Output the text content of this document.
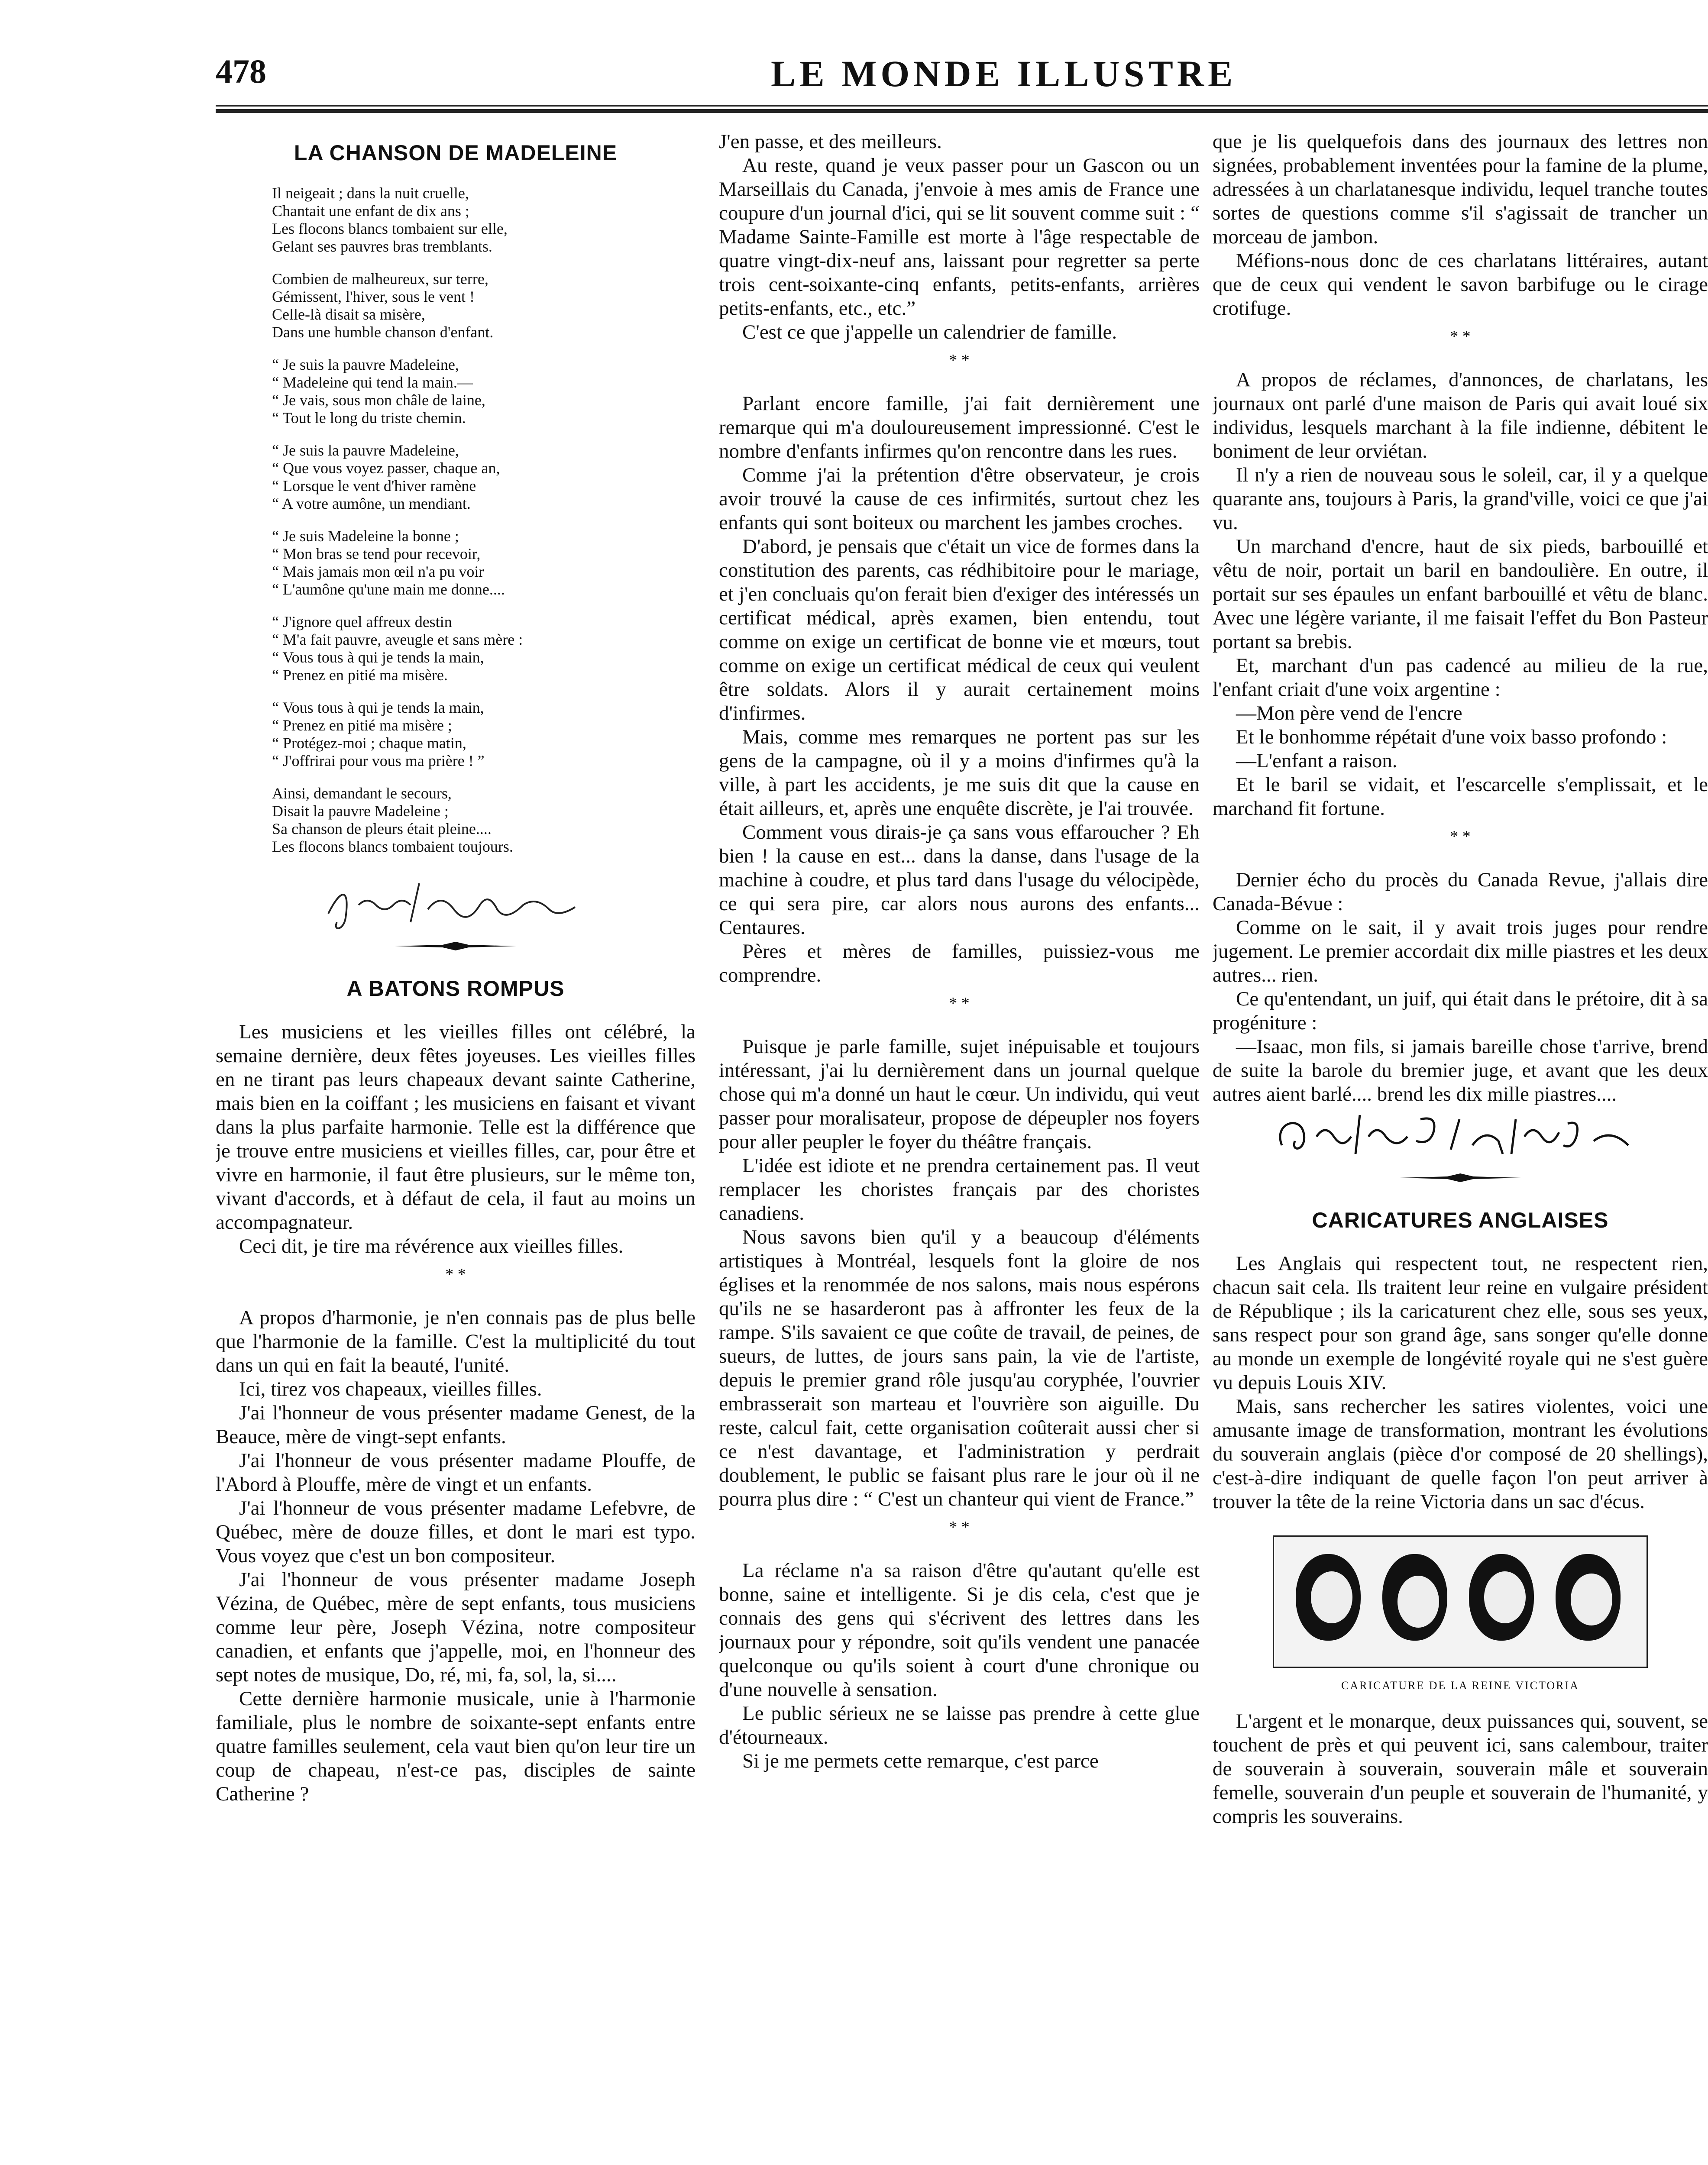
478	LE MONDE ILLUSTRE
LA CHANSON DE MADELEINE
Il neigeait ; dans la nuit cruelle,
Chantait une enfant de dix ans ;
Les flocons blancs tombaient sur elle,
Gelant ses pauvres bras tremblants.
Combien de malheureux, sur terre,
Gémissent, l'hiver, sous le vent !
Celle-là disait sa misère,
Dans une humble chanson d'enfant.
“ Je suis la pauvre Madeleine,
“ Madeleine qui tend la main.—
“ Je vais, sous mon châle de laine,
“ Tout le long du triste chemin.
“ Je suis la pauvre Madeleine,
“ Que vous voyez passer, chaque an,
“ Lorsque le vent d'hiver ramène
“ A votre aumône, un mendiant.
“ Je suis Madeleine la bonne ;
“ Mon bras se tend pour recevoir,
“ Mais jamais mon œil n'a pu voir
“ L'aumône qu'une main me donne....
“ J'ignore quel affreux destin
“ M'a fait pauvre, aveugle et sans mère :
“ Vous tous à qui je tends la main,
“ Prenez en pitié ma misère.
“ Vous tous à qui je tends la main,
“ Prenez en pitié ma misère ;
“ Protégez-moi ; chaque matin,
“ J'offrirai pour vous ma prière ! ”
Ainsi, demandant le secours,
Disait la pauvre Madeleine ;
Sa chanson de pleurs était pleine....
Les flocons blancs tombaient toujours.
A BATONS ROMPUS

Les musiciens et les vieilles filles ont célébré, la semaine dernière, deux fêtes joyeuses. Les vieilles filles en ne tirant pas leurs chapeaux devant sainte Catherine, mais bien en la coiffant ; les musiciens en faisant et vivant dans la plus parfaite harmonie. Telle est la différence que je trouve entre musiciens et vieilles filles, car, pour être et vivre en harmonie, il faut être plusieurs, sur le même ton, vivant d'accords, et à défaut de cela, il faut au moins un accompagnateur.

Ceci dit, je tire ma révérence aux vieilles filles.

* *

A propos d'harmonie, je n'en connais pas de plus belle que l'harmonie de la famille. C'est la multiplicité du tout dans un qui en fait la beauté, l'unité.

Ici, tirez vos chapeaux, vieilles filles.

J'ai l'honneur de vous présenter madame Genest, de la Beauce, mère de vingt-sept enfants.

J'ai l'honneur de vous présenter madame Plouffe, de l'Abord à Plouffe, mère de vingt et un enfants.

J'ai l'honneur de vous présenter madame Lefebvre, de Québec, mère de douze filles, et dont le mari est typo. Vous voyez que c'est un bon compositeur.

J'ai l'honneur de vous présenter madame Joseph Vézina, de Québec, mère de sept enfants, tous musiciens comme leur père, Joseph Vézina, notre compositeur canadien, et enfants que j'appelle, moi, en l'honneur des sept notes de musique, Do, ré, mi, fa, sol, la, si....

Cette dernière harmonie musicale, unie à l'harmonie familiale, plus le nombre de soixante-sept enfants entre quatre familles seulement, cela vaut bien qu'on leur tire un coup de chapeau, n'est-ce pas, disciples de sainte Catherine ?

J'en passe, et des meilleurs.

Au reste, quand je veux passer pour un Gascon ou un Marseillais du Canada, j'envoie à mes amis de France une coupure d'un journal d'ici, qui se lit souvent comme suit : “ Madame Sainte-Famille est morte à l'âge respectable de quatre vingt-dix-neuf ans, laissant pour regretter sa perte trois cent-soixante-cinq enfants, petits-enfants, arrières petits-enfants, etc., etc.”

C'est ce que j'appelle un calendrier de famille.

* *

Parlant encore famille, j'ai fait dernièrement une remarque qui m'a douloureusement impressionné. C'est le nombre d'enfants infirmes qu'on rencontre dans les rues.

Comme j'ai la prétention d'être observateur, je crois avoir trouvé la cause de ces infirmités, surtout chez les enfants qui sont boiteux ou marchent les jambes croches.

D'abord, je pensais que c'était un vice de formes dans la constitution des parents, cas rédhibitoire pour le mariage, et j'en concluais qu'on ferait bien d'exiger des intéressés un certificat médical, après examen, bien entendu, tout comme on exige un certificat de bonne vie et mœurs, tout comme on exige un certificat médical de ceux qui veulent être soldats. Alors il y aurait certainement moins d'infirmes.

Mais, comme mes remarques ne portent pas sur les gens de la campagne, où il y a moins d'infirmes qu'à la ville, à part les accidents, je me suis dit que la cause en était ailleurs, et, après une enquête discrète, je l'ai trouvée.

Comment vous dirais-je ça sans vous effaroucher ? Eh bien ! la cause en est... dans la danse, dans l'usage de la machine à coudre, et plus tard dans l'usage du vélocipède, ce qui sera pire, car alors nous aurons des enfants... Centaures.

Pères et mères de familles, puissiez-vous me comprendre.

* *

Puisque je parle famille, sujet inépuisable et toujours intéressant, j'ai lu dernièrement dans un journal quelque chose qui m'a donné un haut le cœur. Un individu, qui veut passer pour moralisateur, propose de dépeupler nos foyers pour aller peupler le foyer du théâtre français.

L'idée est idiote et ne prendra certainement pas. Il veut remplacer les choristes français par des choristes canadiens.

Nous savons bien qu'il y a beaucoup d'éléments artistiques à Montréal, lesquels font la gloire de nos églises et la renommée de nos salons, mais nous espérons qu'ils ne se hasarderont pas à affronter les feux de la rampe. S'ils savaient ce que coûte de travail, de peines, de sueurs, de luttes, de jours sans pain, la vie de l'artiste, depuis le premier grand rôle jusqu'au coryphée, l'ouvrier embrasserait son marteau et l'ouvrière son aiguille. Du reste, calcul fait, cette organisation coûterait aussi cher si ce n'est davantage, et l'administration y perdrait doublement, le public se faisant plus rare le jour où il ne pourra plus dire : “ C'est un chanteur qui vient de France.”

* *

La réclame n'a sa raison d'être qu'autant qu'elle est bonne, saine et intelligente. Si je dis cela, c'est que je connais des gens qui s'écrivent des lettres dans les journaux pour y répondre, soit qu'ils vendent une panacée quelconque ou qu'ils soient à court d'une chronique ou d'une nouvelle à sensation.

Le public sérieux ne se laisse pas prendre à cette glue d'étourneaux.

Si je me permets cette remarque, c'est parce

que je lis quelquefois dans des journaux des lettres non signées, probablement inventées pour la famine de la plume, adressées à un charlatanesque individu, lequel tranche toutes sortes de questions comme s'il s'agissait de trancher un morceau de jambon.

Méfions-nous donc de ces charlatans littéraires, autant que de ceux qui vendent le savon barbifuge ou le cirage crotifuge.

* *

A propos de réclames, d'annonces, de charlatans, les journaux ont parlé d'une maison de Paris qui avait loué six individus, lesquels marchant à la file indienne, débitent le boniment de leur orviétan.

Il n'y a rien de nouveau sous le soleil, car, il y a quelque quarante ans, toujours à Paris, la grand'ville, voici ce que j'ai vu.

Un marchand d'encre, haut de six pieds, barbouillé et vêtu de noir, portait un baril en bandoulière. En outre, il portait sur ses épaules un enfant barbouillé et vêtu de blanc. Avec une légère variante, il me faisait l'effet du Bon Pasteur portant sa brebis.

Et, marchant d'un pas cadencé au milieu de la rue, l'enfant criait d'une voix argentine :

—Mon père vend de l'encre

Et le bonhomme répétait d'une voix basso profondo :

—L'enfant a raison.

Et le baril se vidait, et l'escarcelle s'emplissait, et le marchand fit fortune.

* *

Dernier écho du procès du Canada Revue, j'allais dire Canada-Bévue :

Comme on le sait, il y avait trois juges pour rendre jugement. Le premier accordait dix mille piastres et les deux autres... rien.

Ce qu'entendant, un juif, qui était dans le prétoire, dit à sa progéniture :

—Isaac, mon fils, si jamais bareille chose t'arrive, brend de suite la barole du bremier juge, et avant que les deux autres aient barlé.... brend les dix mille piastres....

CARICATURES ANGLAISES

Les Anglais qui respectent tout, ne respectent rien, chacun sait cela. Ils traitent leur reine en vulgaire président de République ; ils la caricaturent chez elle, sous ses yeux, sans respect pour son grand âge, sans songer qu'elle donne au monde un exemple de longévité royale qui ne s'est guère vu depuis Louis XIV.

Mais, sans rechercher les satires violentes, voici une amusante image de transformation, montrant les évolutions du souverain anglais (pièce d'or composé de 20 shellings), c'est-à-dire indiquant de quelle façon l'on peut arriver à trouver la tête de la reine Victoria dans un sac d'écus.

CARICATURE DE LA REINE VICTORIA

L'argent et le monarque, deux puissances qui, souvent, se touchent de près et qui peuvent ici, sans calembour, traiter de souverain à souverain, souverain mâle et souverain femelle, souverain d'un peuple et souverain de l'humanité, y compris les souverains.
